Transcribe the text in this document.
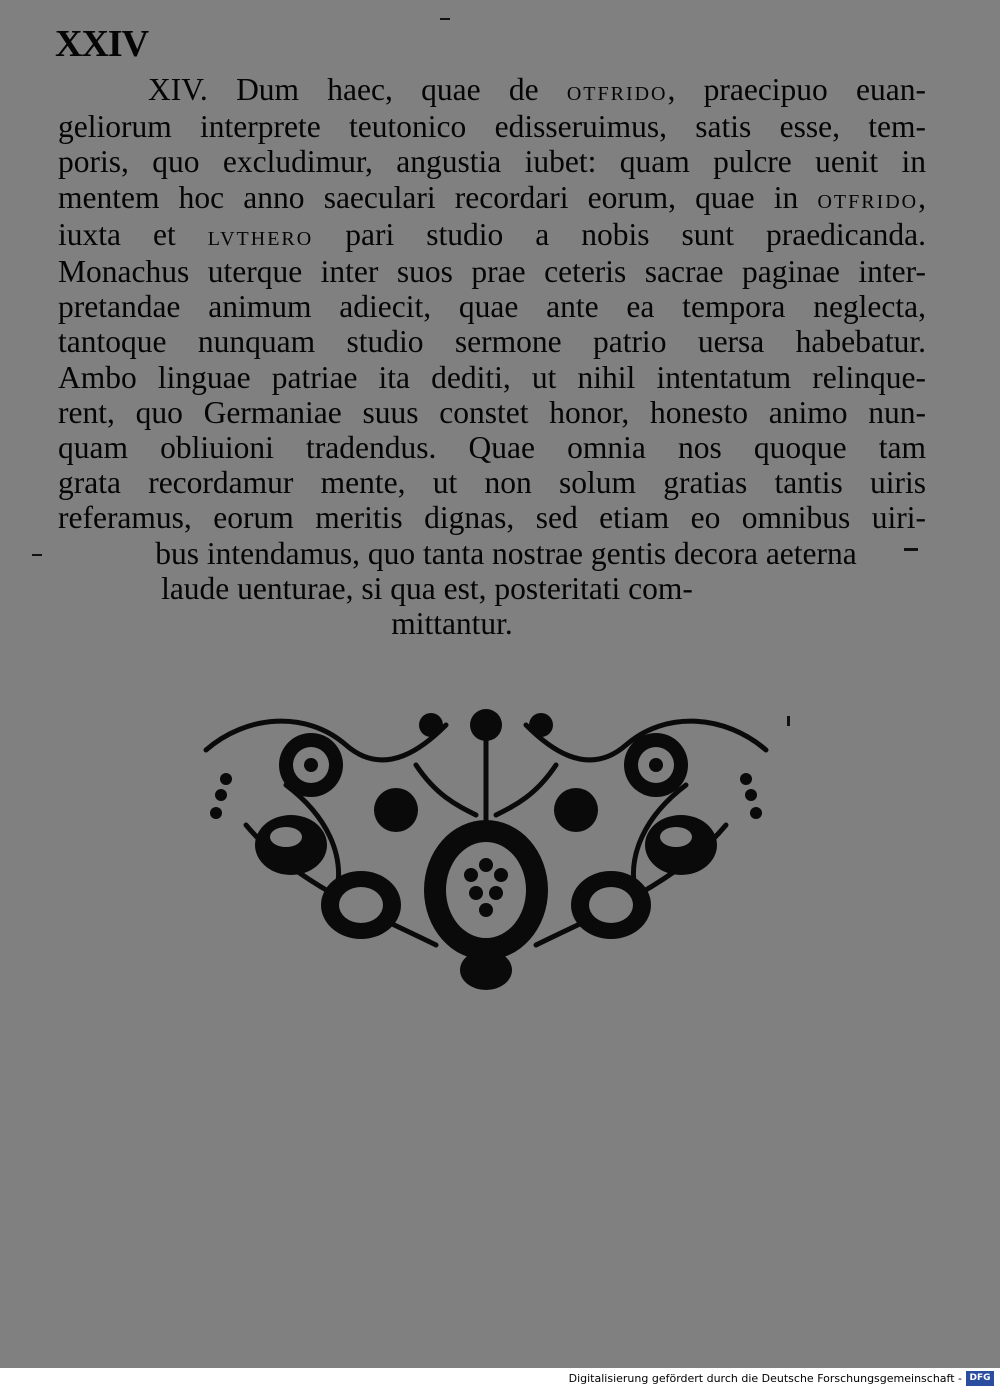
XXIV
XIV. Dum haec, quae de otfrido, praecipuo euan-
geliorum interprete teutonico edisseruimus, satis esse, tem-
poris, quo excludimur, angustia iubet: quam pulcre uenit in
mentem hoc anno saeculari recordari eorum, quae in otfrido,
iuxta et lvthero pari studio a nobis sunt praedicanda.
Monachus uterque inter suos prae ceteris sacrae paginae inter-
pretandae animum adiecit, quae ante ea tempora neglecta,
tantoque nunquam studio sermone patrio uersa habebatur.
Ambo linguae patriae ita dediti, ut nihil intentatum relinque-
rent, quo Germaniae suus constet honor, honesto animo nun-
quam obliuioni tradendus. Quae omnia nos quoque tam
grata recordamur mente, ut non solum gratias tantis uiris
referamus, eorum meritis dignas, sed etiam eo omnibus uiri-
bus intendamus, quo tanta nostrae gentis decora aeterna
laude uenturae, si qua est, posteritati com-
mittantur.
Digitalisierung gefördert durch die Deutsche Forschungsgemeinschaft - DFG
